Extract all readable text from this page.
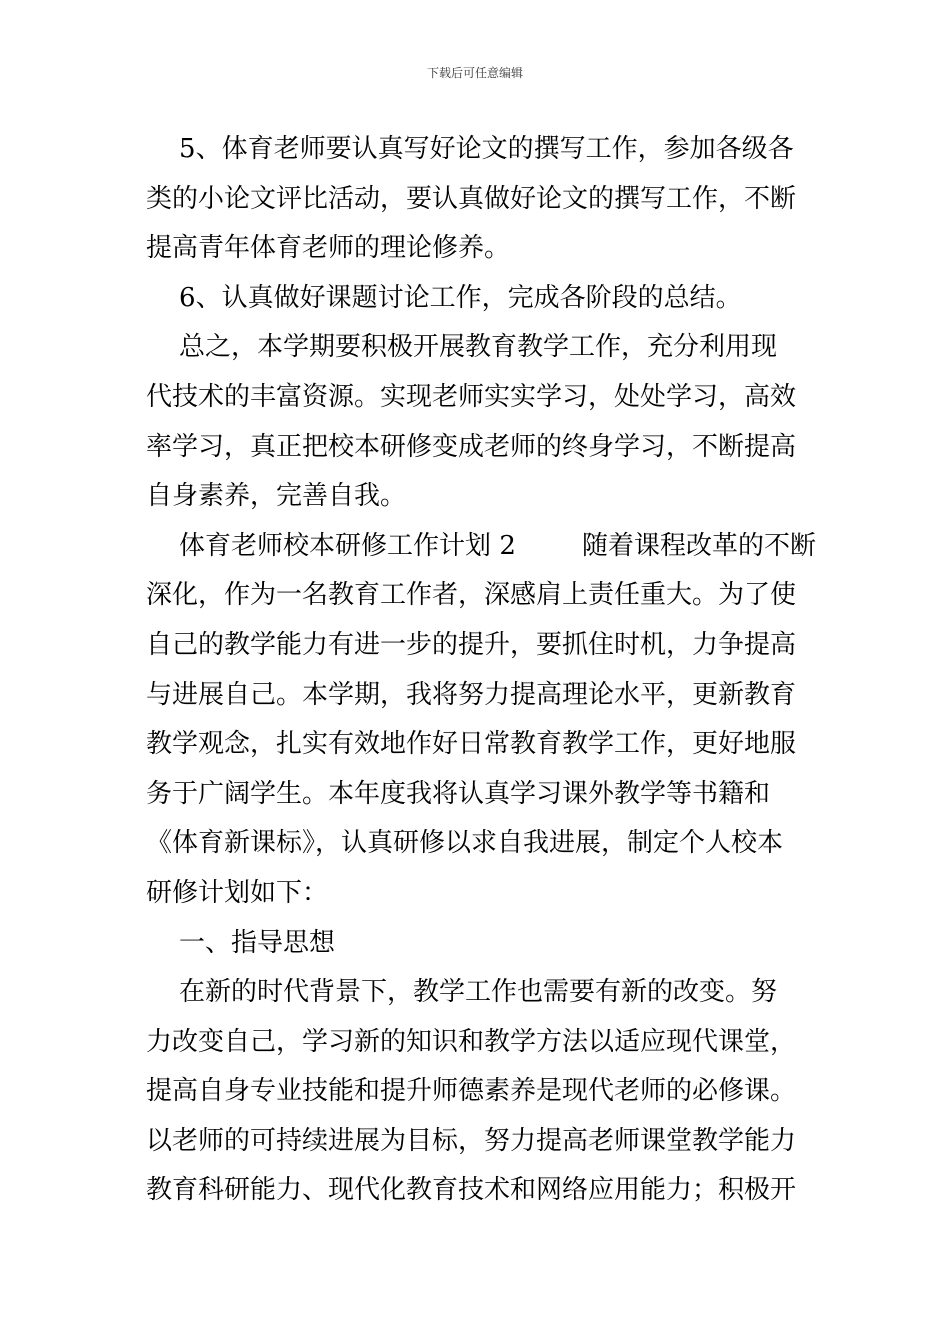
下载后可任意编辑
5、体育老师要认真写好论文的撰写工作，参加各级各
类的小论文评比活动，要认真做好论文的撰写工作，不断
提高青年体育老师的理论修养。
6、认真做好课题讨论工作，完成各阶段的总结。
总之，本学期要积极开展教育教学工作，充分利用现
代技术的丰富资源。实现老师实实学习，处处学习，高效
率学习，真正把校本研修变成老师的终身学习，不断提高
自身素养，完善自我。
体育老师校本研修工作计划 2        随着课程改革的不断
深化，作为一名教育工作者，深感肩上责任重大。为了使
自己的教学能力有进一步的提升，要抓住时机，力争提高
与进展自己。本学期，我将努力提高理论水平，更新教育
教学观念，扎实有效地作好日常教育教学工作，更好地服
务于广阔学生。本年度我将认真学习课外教学等书籍和
《体育新课标》，认真研修以求自我进展，制定个人校本
研修计划如下：
一、指导思想
在新的时代背景下，教学工作也需要有新的改变。努
力改变自己，学习新的知识和教学方法以适应现代课堂，
提高自身专业技能和提升师德素养是现代老师的必修课。
以老师的可持续进展为目标，努力提高老师课堂教学能力
教育科研能力、现代化教育技术和网络应用能力；积极开
